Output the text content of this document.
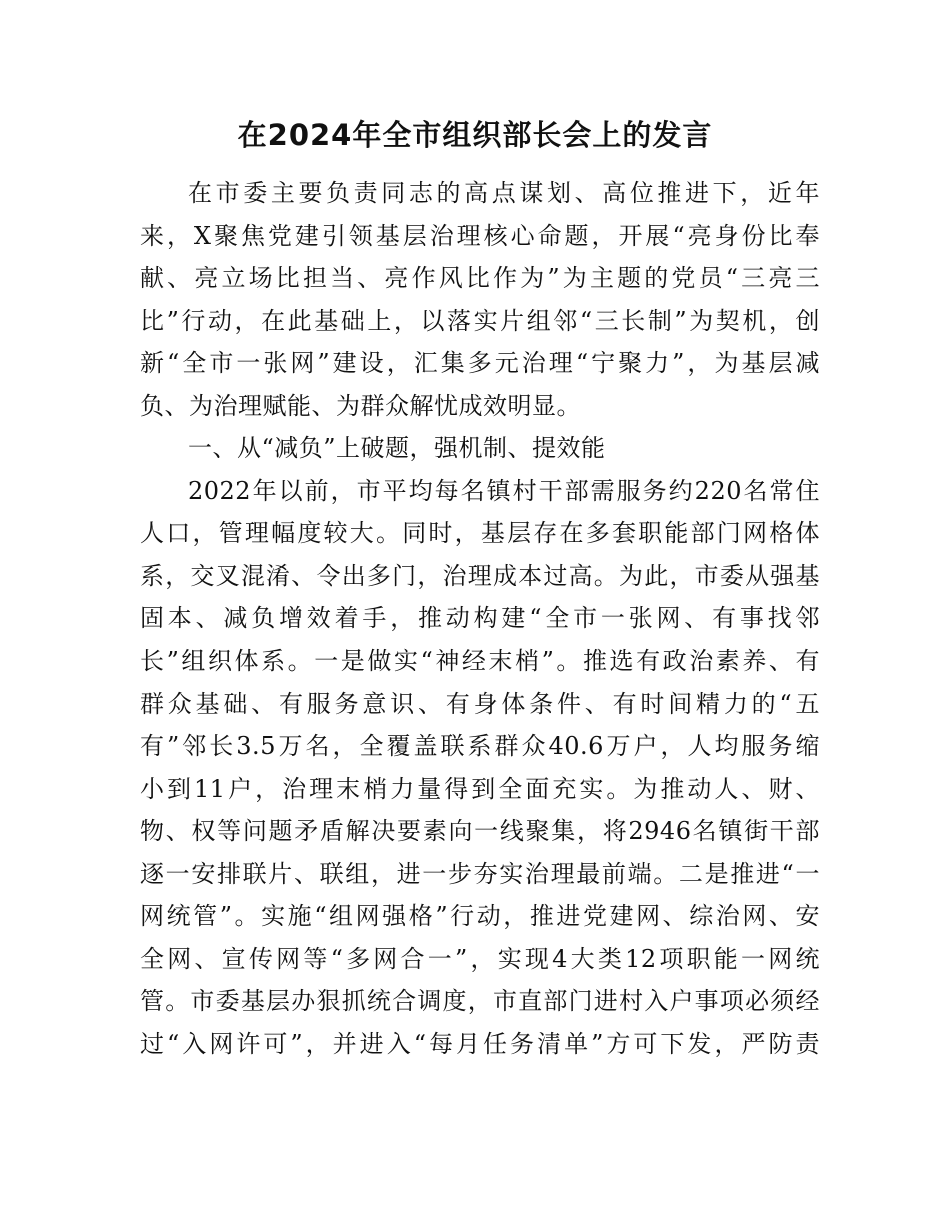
在2024年全市组织部长会上的发言
在市委主要负责同志的高点谋划、高位推进下，近年
来，X聚焦党建引领基层治理核心命题，开展“亮身份比奉
献、亮立场比担当、亮作风比作为”为主题的党员“三亮三
比”行动，在此基础上，以落实片组邻“三长制”为契机，创
新“全市一张网”建设，汇集多元治理“宁聚力”，为基层减
负、为治理赋能、为群众解忧成效明显。
一、从“减负”上破题，强机制、提效能
2022年以前，市平均每名镇村干部需服务约220名常住
人口，管理幅度较大。同时，基层存在多套职能部门网格体
系，交叉混淆、令出多门，治理成本过高。为此，市委从强基
固本、减负增效着手，推动构建“全市一张网、有事找邻
长”组织体系。一是做实“神经末梢”。推选有政治素养、有
群众基础、有服务意识、有身体条件、有时间精力的“五
有”邻长3.5万名，全覆盖联系群众40.6万户，人均服务缩
小到11户，治理末梢力量得到全面充实。为推动人、财、
物、权等问题矛盾解决要素向一线聚集，将2946名镇街干部
逐一安排联片、联组，进一步夯实治理最前端。二是推进“一
网统管”。实施“组网强格”行动，推进党建网、综治网、安
全网、宣传网等“多网合一”，实现4大类12项职能一网统
管。市委基层办狠抓统合调度，市直部门进村入户事项必须经
过“入网许可”，并进入“每月任务清单”方可下发，严防责
